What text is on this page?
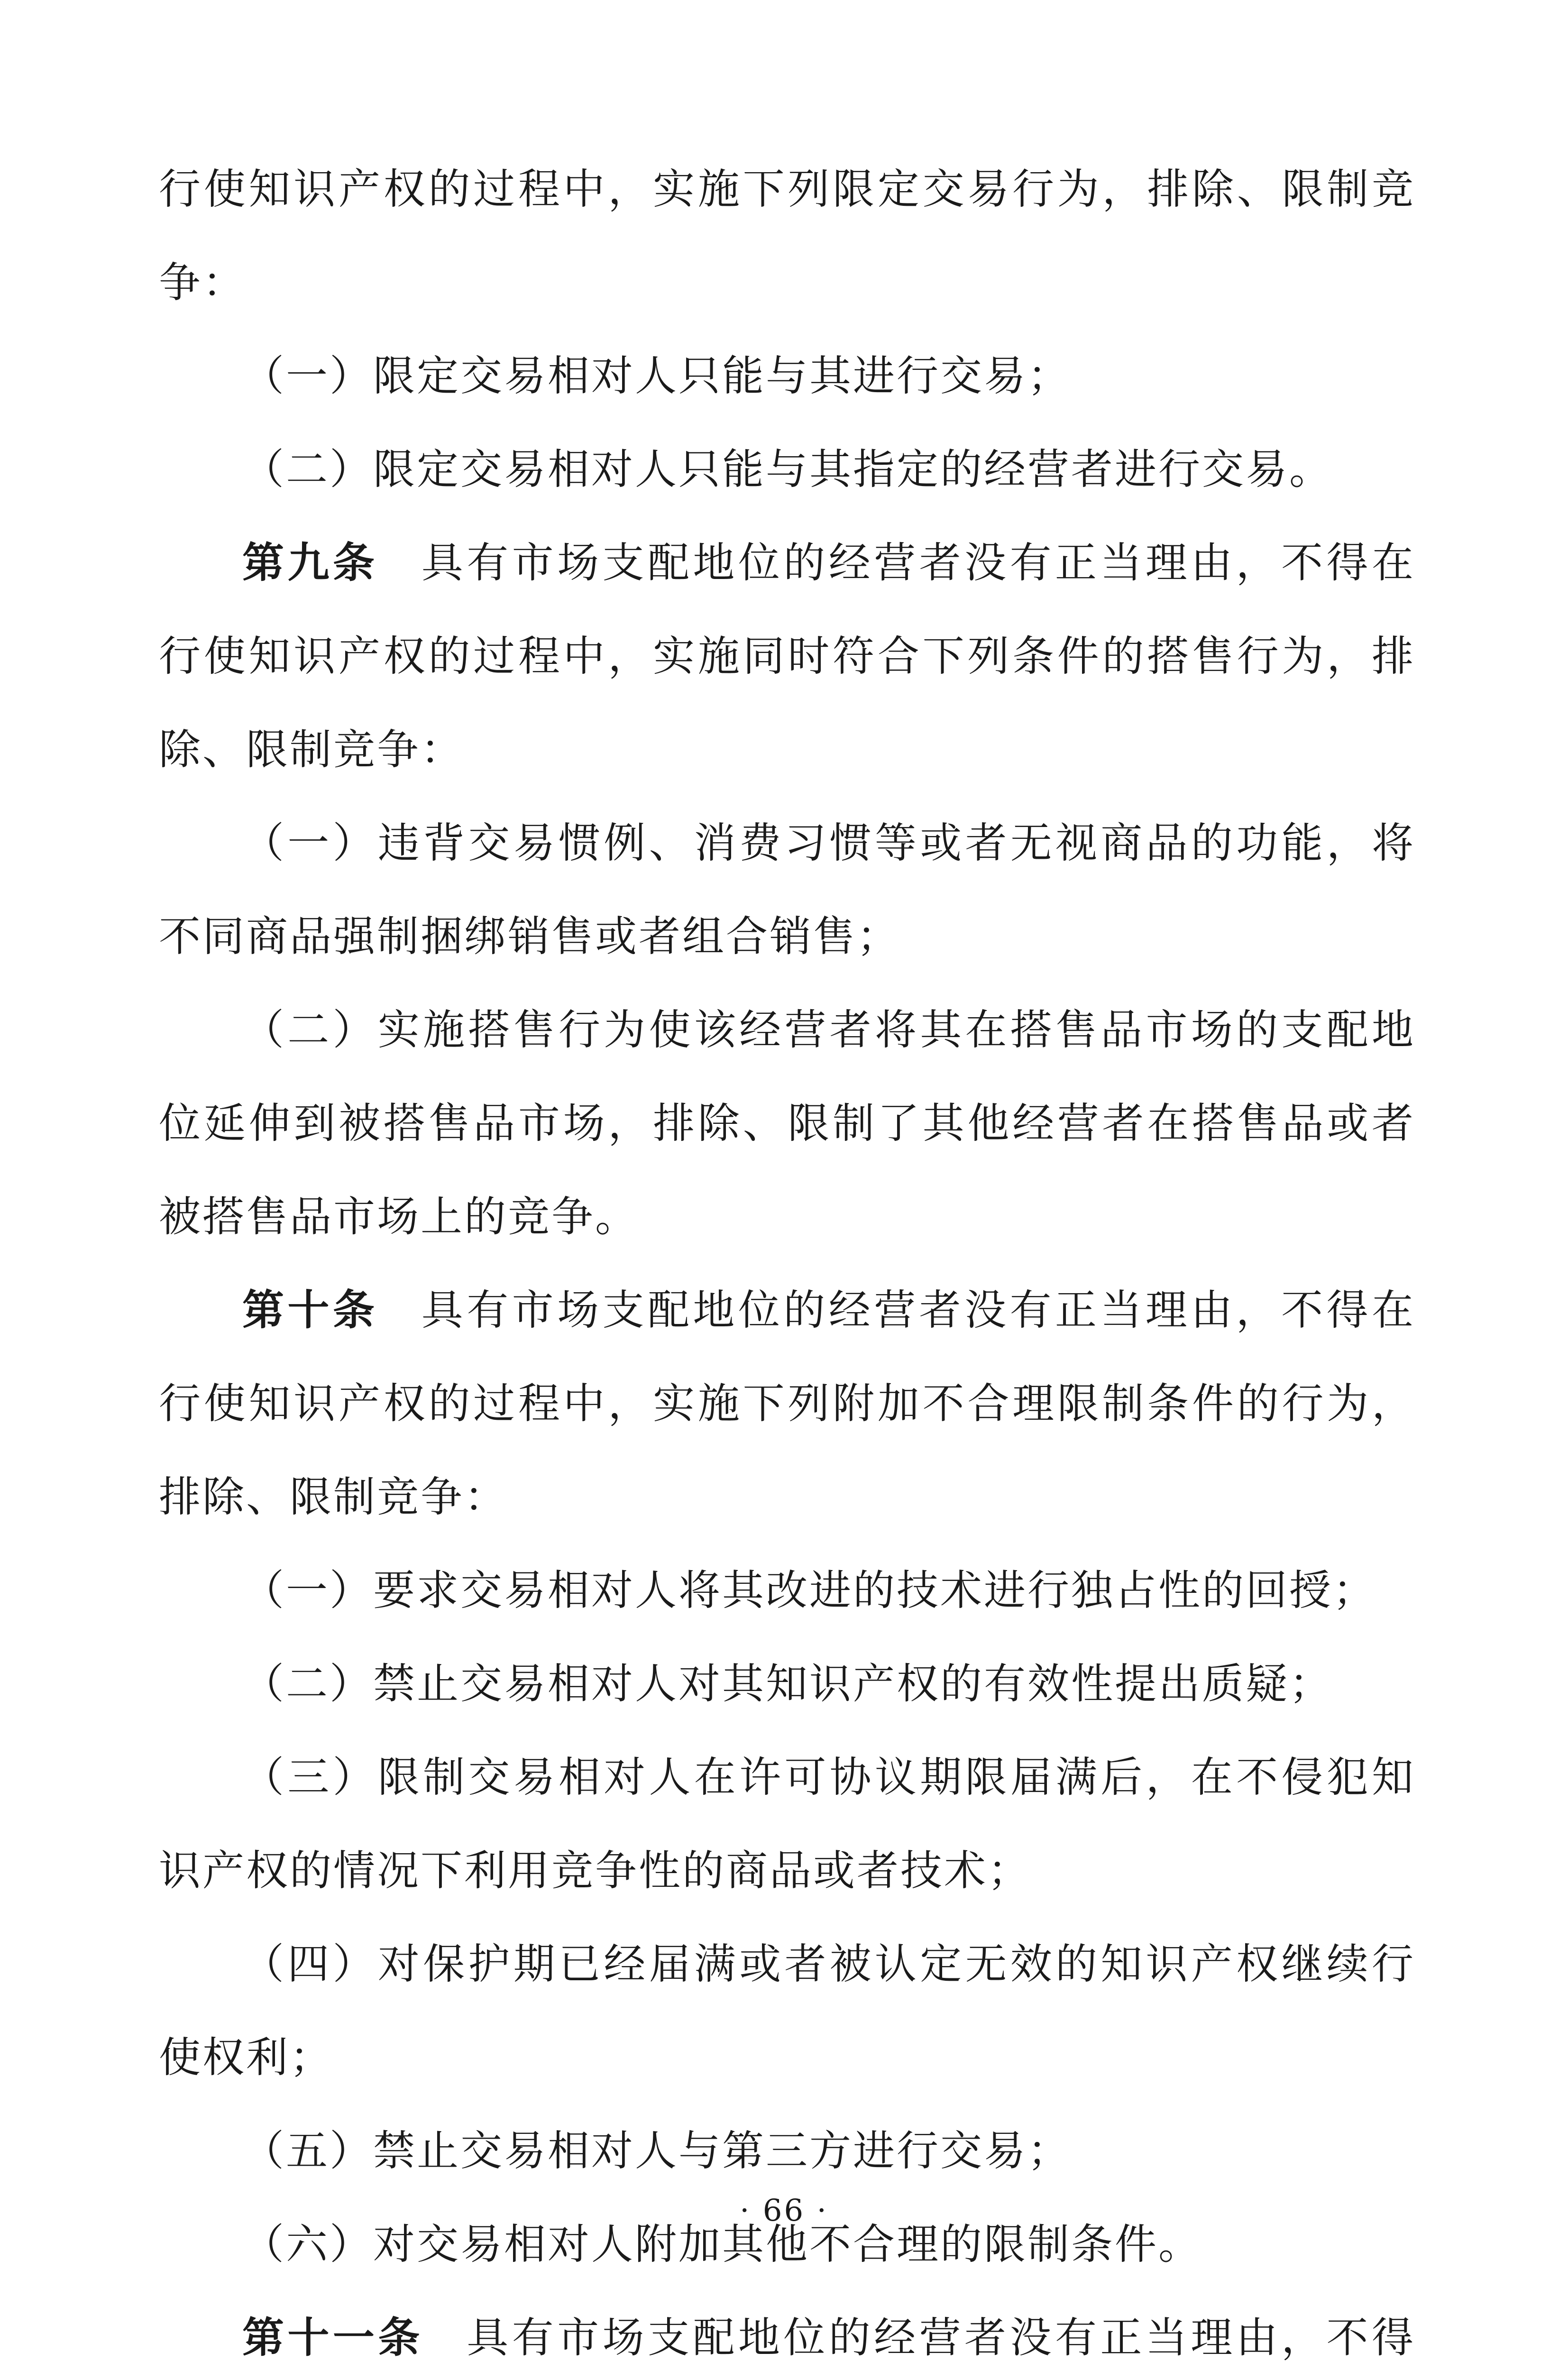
行使知识产权的过程中，实施下列限定交易行为，排除、限制竞争：

（一）限定交易相对人只能与其进行交易；

（二）限定交易相对人只能与其指定的经营者进行交易。

第九条 具有市场支配地位的经营者没有正当理由，不得在行使知识产权的过程中，实施同时符合下列条件的搭售行为，排除、限制竞争：

（一）违背交易惯例、消费习惯等或者无视商品的功能，将不同商品强制捆绑销售或者组合销售；

（二）实施搭售行为使该经营者将其在搭售品市场的支配地位延伸到被搭售品市场，排除、限制了其他经营者在搭售品或者被搭售品市场上的竞争。

第十条 具有市场支配地位的经营者没有正当理由，不得在行使知识产权的过程中，实施下列附加不合理限制条件的行为，排除、限制竞争：

（一）要求交易相对人将其改进的技术进行独占性的回授；

（二）禁止交易相对人对其知识产权的有效性提出质疑；

（三）限制交易相对人在许可协议期限届满后，在不侵犯知识产权的情况下利用竞争性的商品或者技术；

（四）对保护期已经届满或者被认定无效的知识产权继续行使权利；

（五）禁止交易相对人与第三方进行交易；

（六）对交易相对人附加其他不合理的限制条件。

第十一条 具有市场支配地位的经营者没有正当理由，不得

· 66 ·
